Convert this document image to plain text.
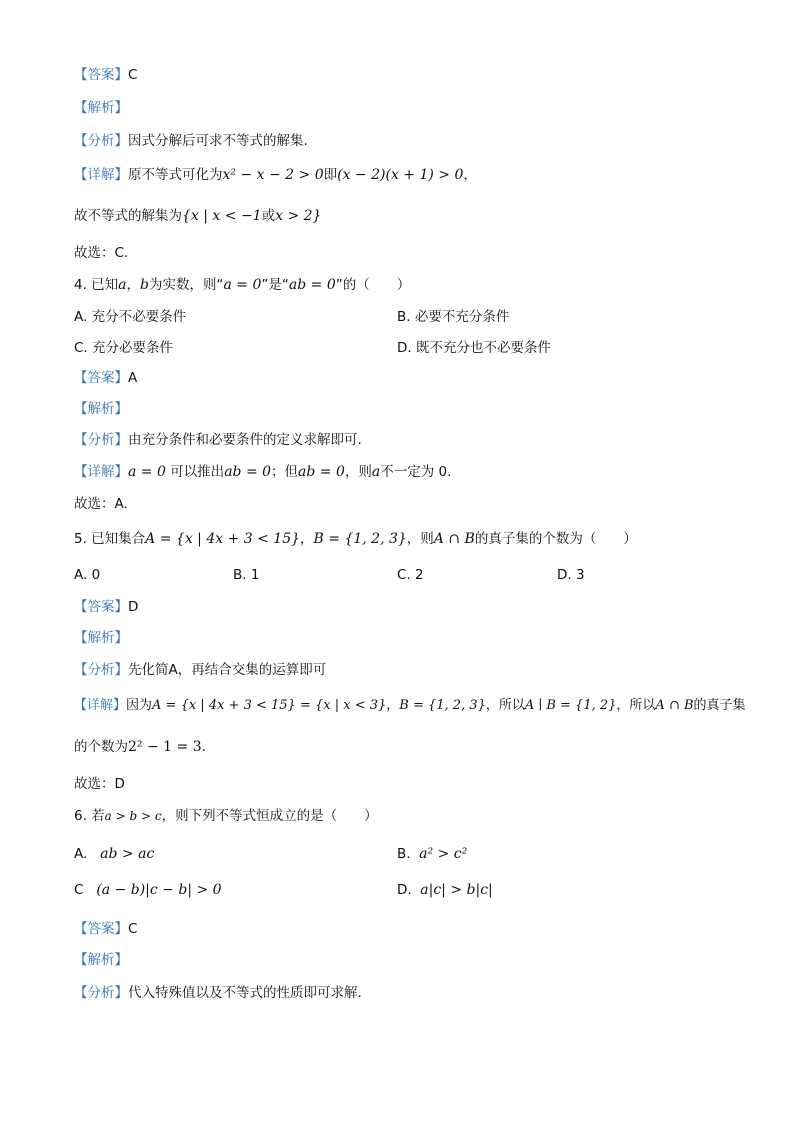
【答案】C
【解析】
【分析】因式分解后可求不等式的解集.
【详解】原不等式可化为x² − x − 2 > 0即(x − 2)(x + 1) > 0，
故不等式的解集为{x | x < −1或x > 2}
故选：C.
4. 已知a，b为实数，则“a = 0”是“ab = 0”的（　　）
A. 充分不必要条件	B. 必要不充分条件
C. 充分必要条件	D. 既不充分也不必要条件
【答案】A
【解析】
【分析】由充分条件和必要条件的定义求解即可.
【详解】a = 0 可以推出ab = 0；但ab = 0，则a不一定为 0.
故选：A.
5. 已知集合A = {x | 4x + 3 < 15}，B = {1, 2, 3}，则A ∩ B的真子集的个数为（　　）
A. 0	B. 1	C. 2	D. 3
【答案】D
【解析】
【分析】先化简A，再结合交集的运算即可
【详解】因为A = {x | 4x + 3 < 15} = {x | x < 3}，B = {1, 2, 3}，所以A ∣ B = {1, 2}，所以A ∩ B的真子集
的个数为2² − 1 = 3.
故选：D
6. 若a > b > c，则下列不等式恒成立的是（　　）
A. ab > ac	B. a² > c²
C (a − b)|c − b| > 0	D. a|c| > b|c|
【答案】C
【解析】
【分析】代入特殊值以及不等式的性质即可求解.
